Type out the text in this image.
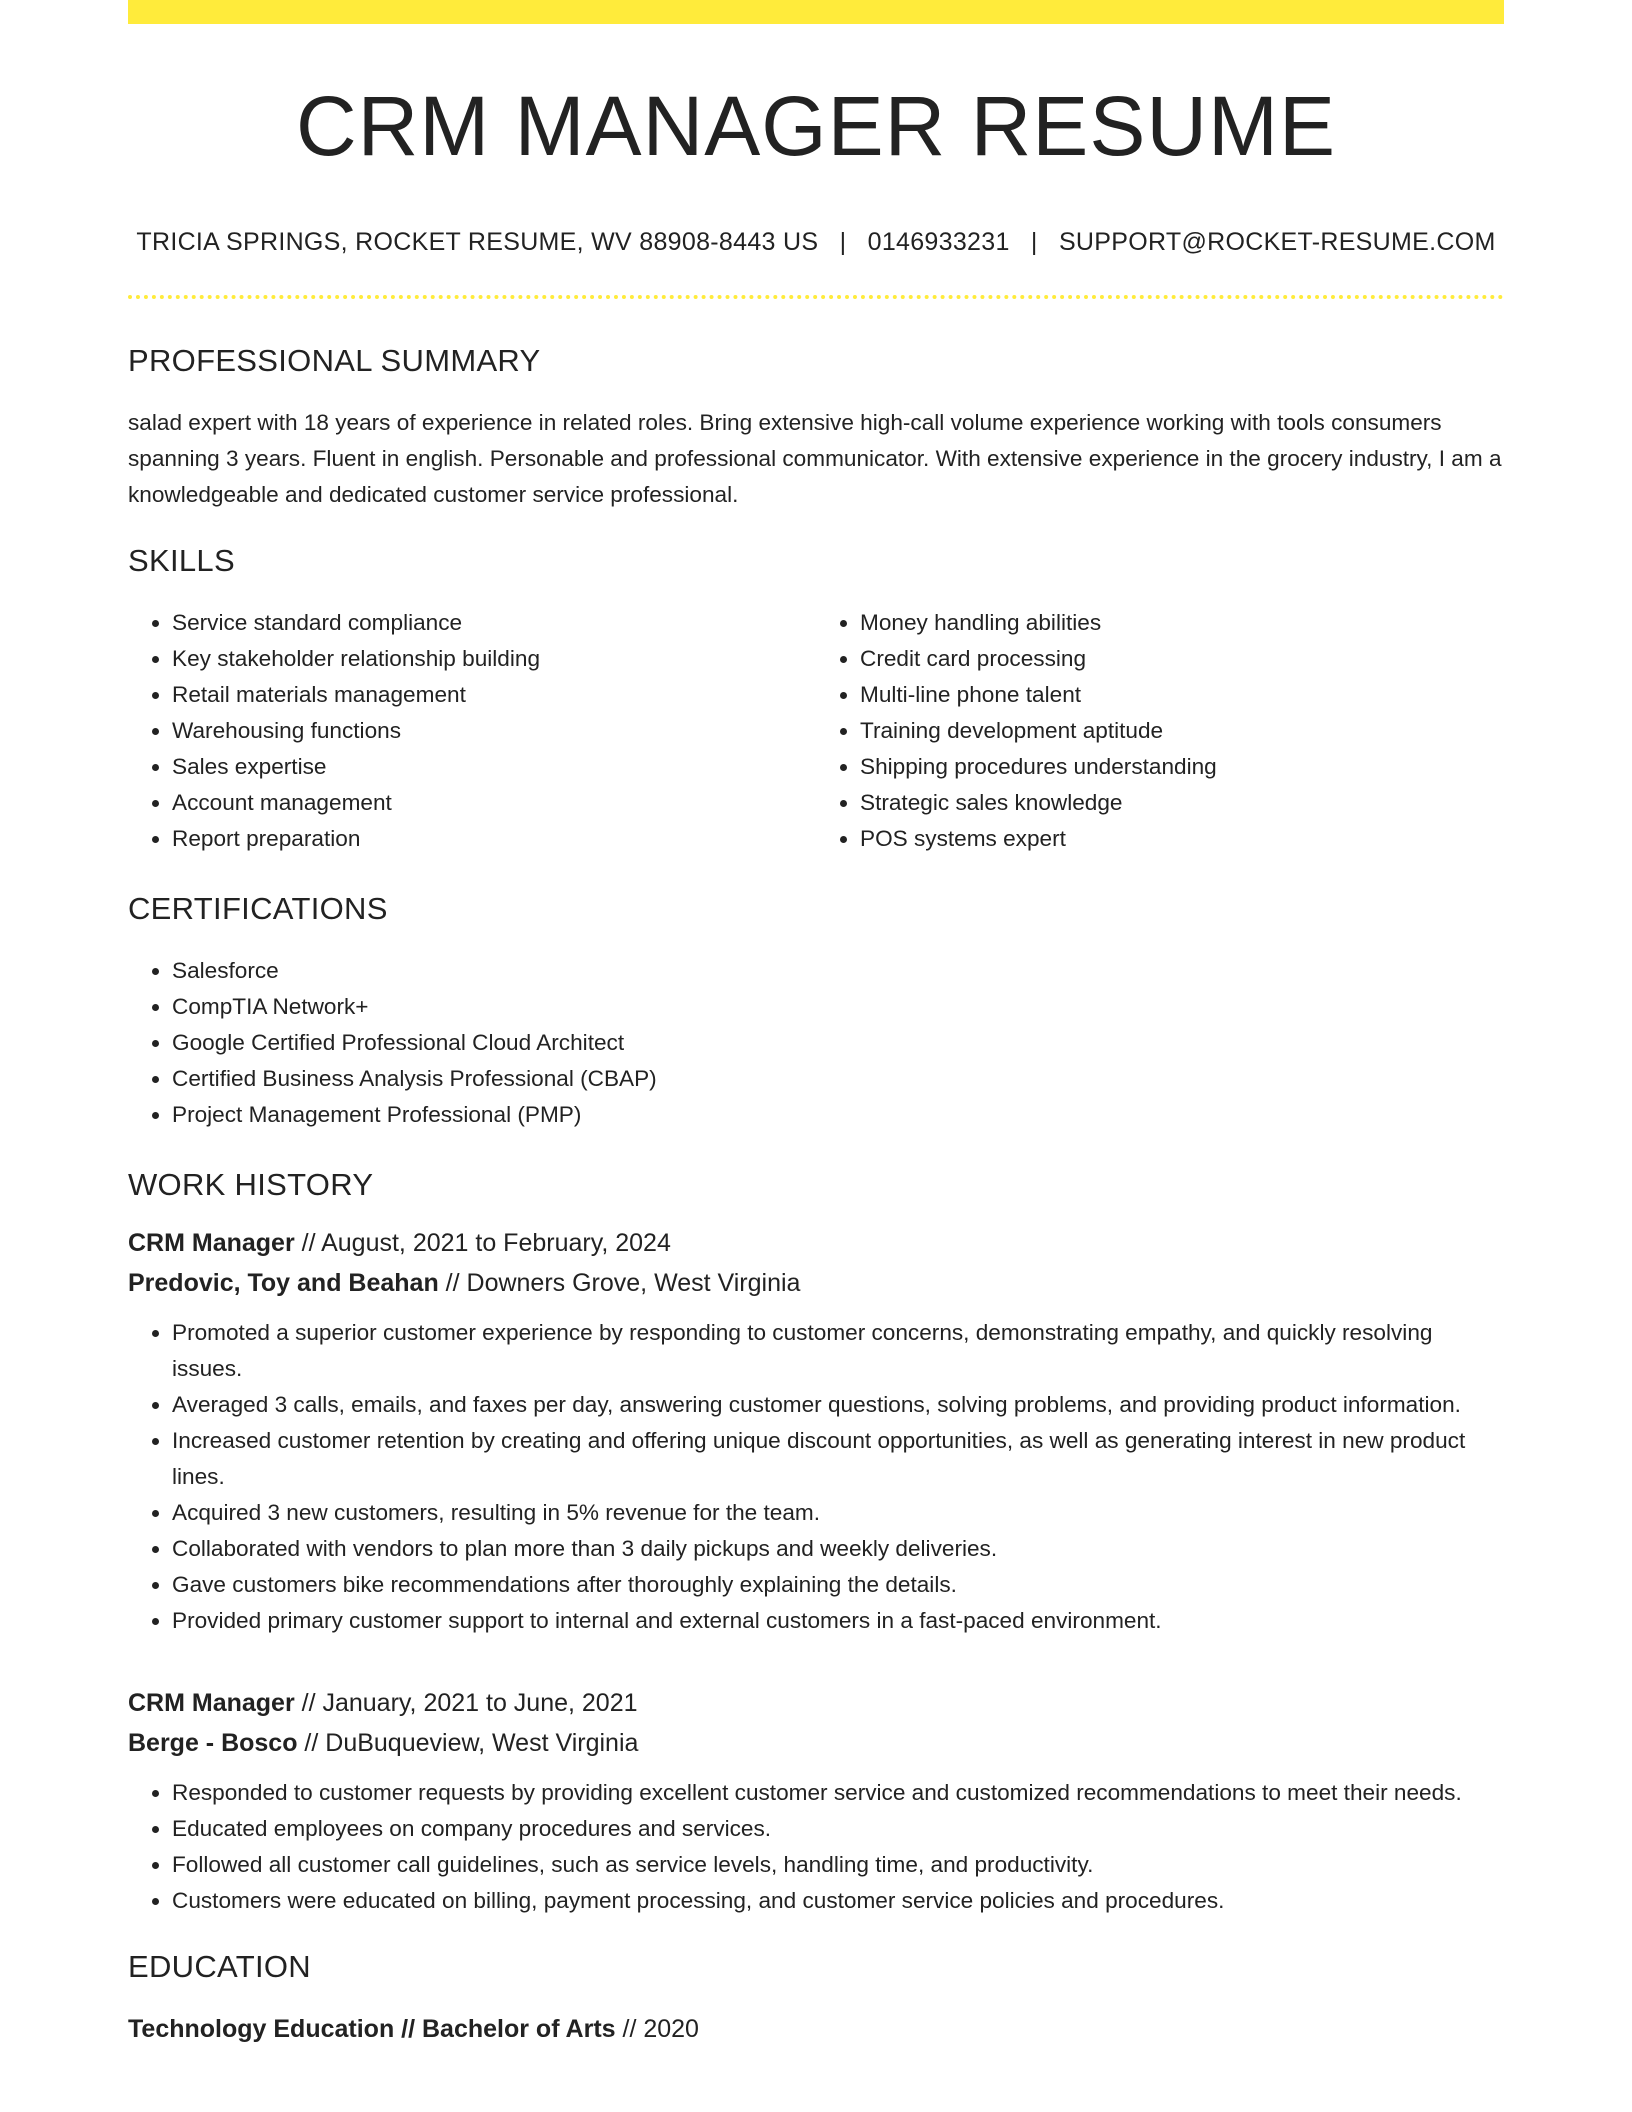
CRM MANAGER RESUME
TRICIA SPRINGS, ROCKET RESUME, WV 88908-8443 US | 0146933231 | SUPPORT@ROCKET-RESUME.COM
PROFESSIONAL SUMMARY

salad expert with 18 years of experience in related roles. Bring extensive high-call volume experience working with tools consumers spanning 3 years. Fluent in english. Personable and professional communicator. With extensive experience in the grocery industry, I am a knowledgeable and dedicated customer service professional.

SKILLS
• Service standard compliance
• Key stakeholder relationship building
• Retail materials management
• Warehousing functions
• Sales expertise
• Account management
• Report preparation
• Money handling abilities
• Credit card processing
• Multi-line phone talent
• Training development aptitude
• Shipping procedures understanding
• Strategic sales knowledge
• POS systems expert
CERTIFICATIONS
• Salesforce
• CompTIA Network+
• Google Certified Professional Cloud Architect
• Certified Business Analysis Professional (CBAP)
• Project Management Professional (PMP)
WORK HISTORY
CRM Manager // August, 2021 to February, 2024
Predovic, Toy and Beahan // Downers Grove, West Virginia
• Promoted a superior customer experience by responding to customer concerns, demonstrating empathy, and quickly resolving issues.
• Averaged 3 calls, emails, and faxes per day, answering customer questions, solving problems, and providing product information.
• Increased customer retention by creating and offering unique discount opportunities, as well as generating interest in new product lines.
• Acquired 3 new customers, resulting in 5% revenue for the team.
• Collaborated with vendors to plan more than 3 daily pickups and weekly deliveries.
• Gave customers bike recommendations after thoroughly explaining the details.
• Provided primary customer support to internal and external customers in a fast-paced environment.
CRM Manager // January, 2021 to June, 2021
Berge - Bosco // DuBuqueview, West Virginia
• Responded to customer requests by providing excellent customer service and customized recommendations to meet their needs.
• Educated employees on company procedures and services.
• Followed all customer call guidelines, such as service levels, handling time, and productivity.
• Customers were educated on billing, payment processing, and customer service policies and procedures.
EDUCATION
Technology Education // Bachelor of Arts // 2020
